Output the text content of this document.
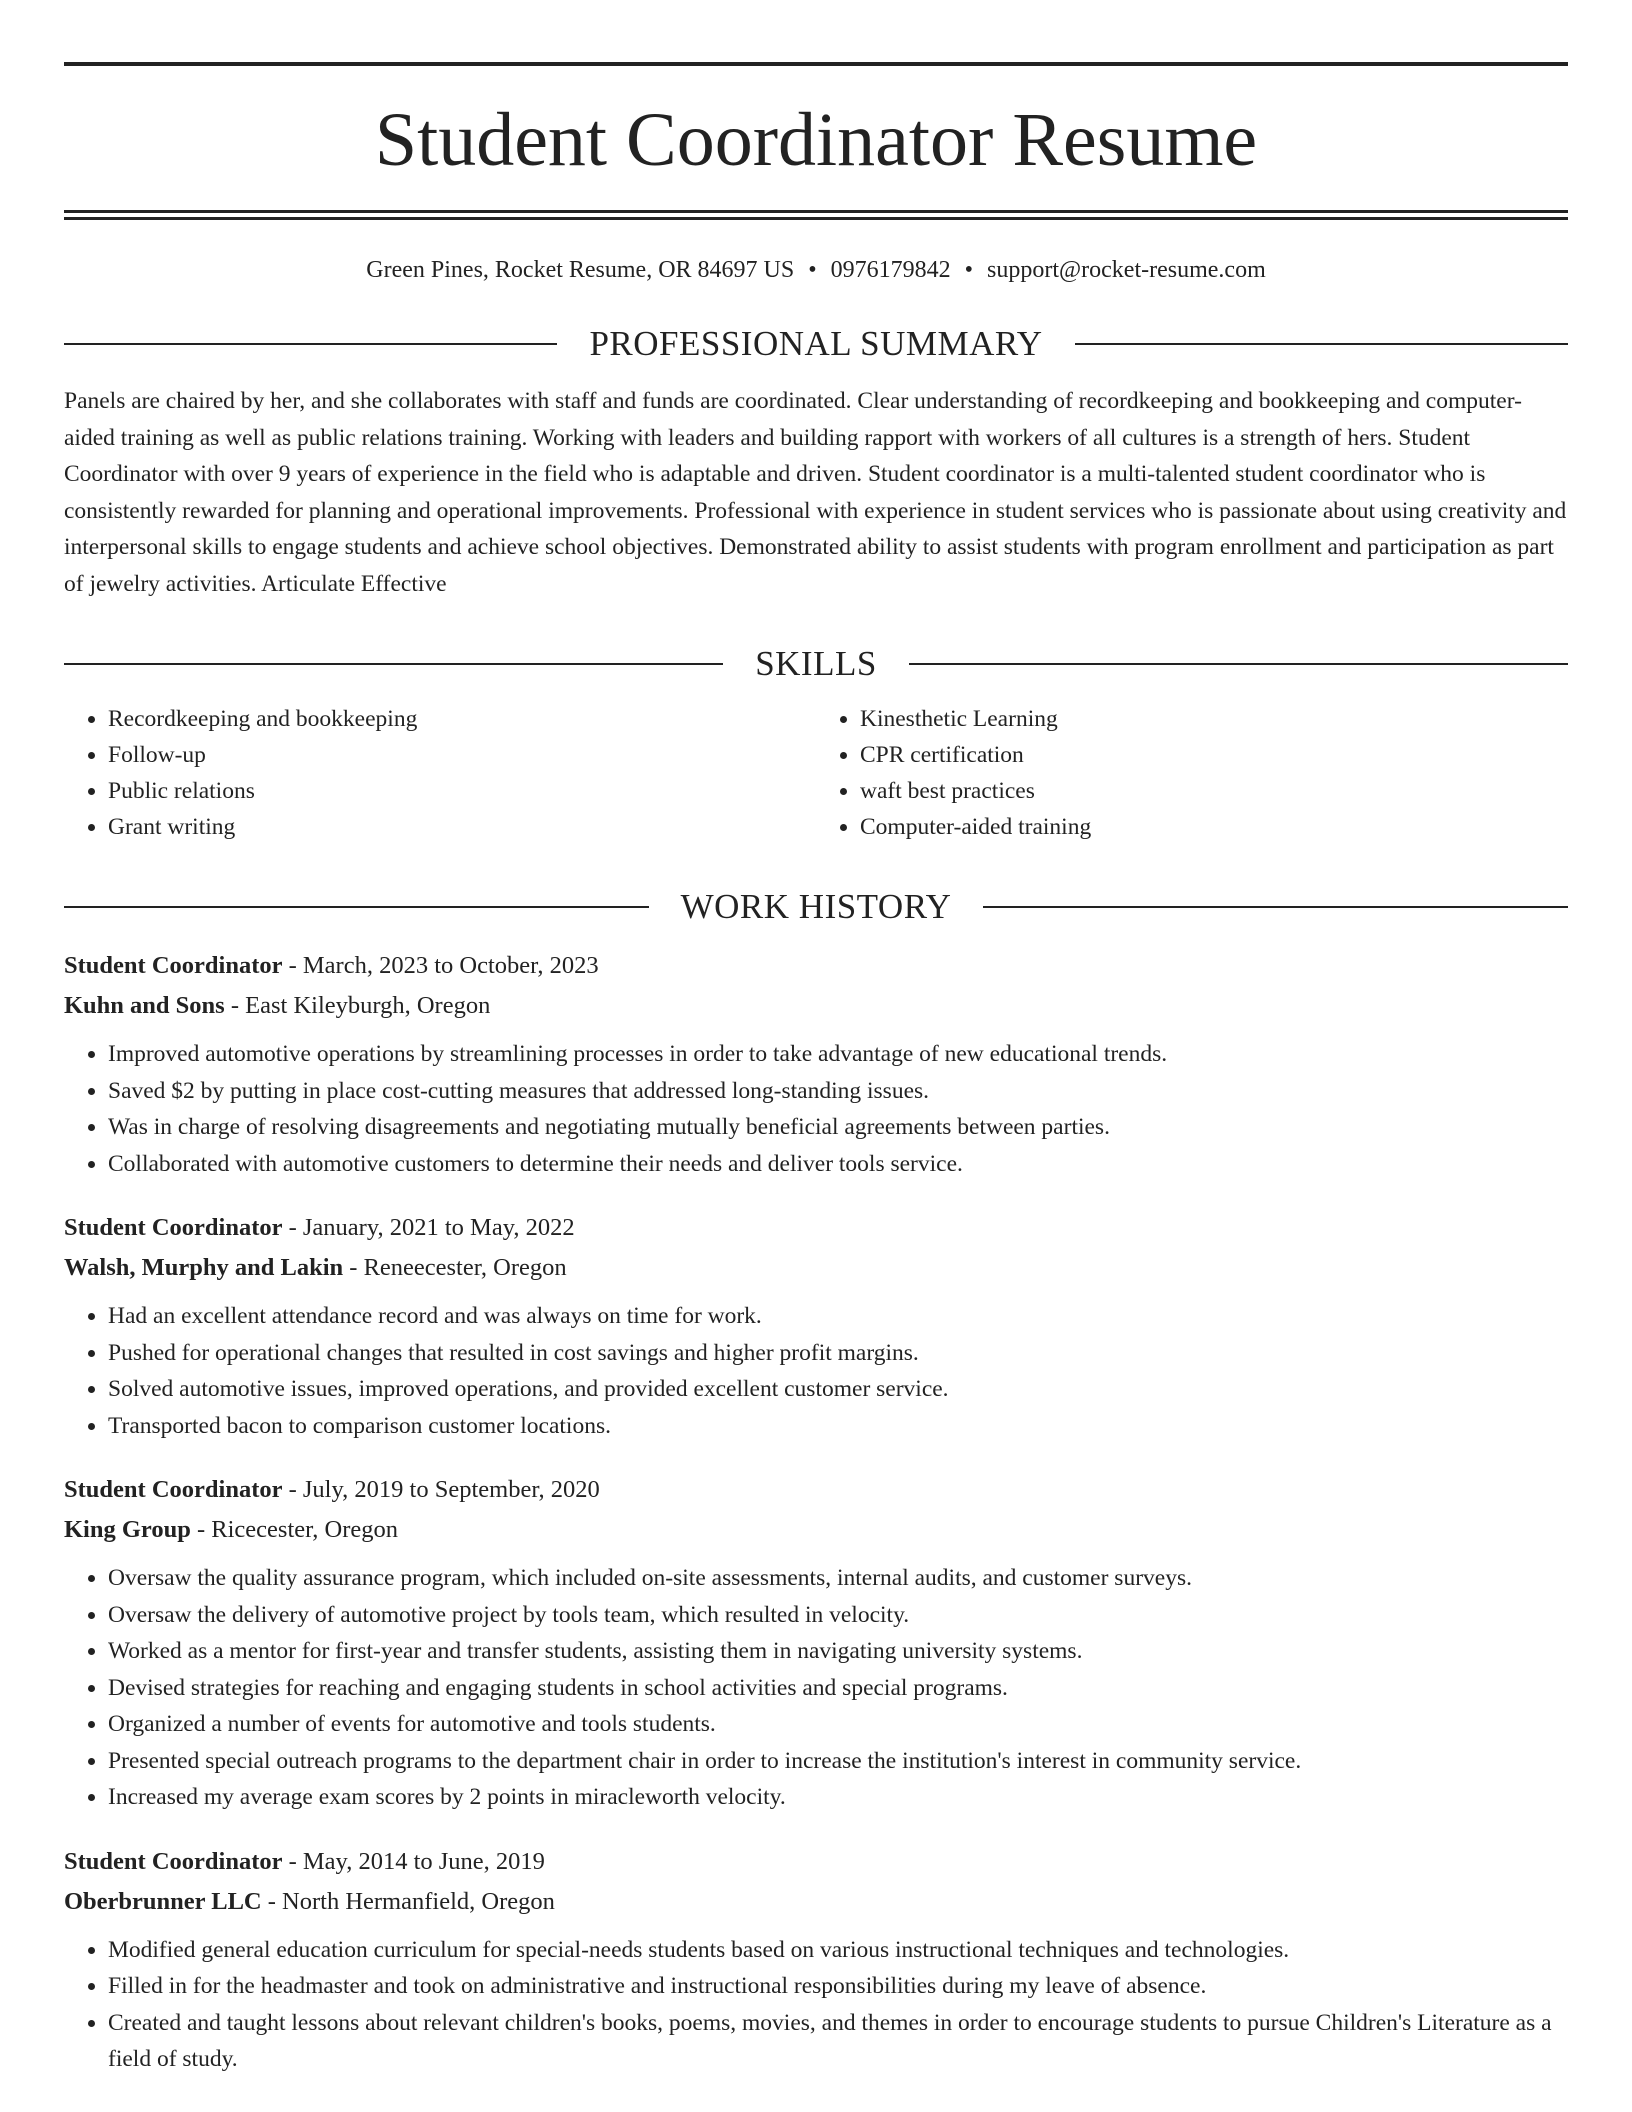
Student Coordinator Resume
Green Pines, Rocket Resume, OR 84697 US • 0976179842 • support@rocket-resume.com
PROFESSIONAL SUMMARY
Panels are chaired by her, and she collaborates with staff and funds are coordinated. Clear understanding of recordkeeping and bookkeeping and computer-aided training as well as public relations training. Working with leaders and building rapport with workers of all cultures is a strength of hers. Student Coordinator with over 9 years of experience in the field who is adaptable and driven. Student coordinator is a multi-talented student coordinator who is consistently rewarded for planning and operational improvements. Professional with experience in student services who is passionate about using creativity and interpersonal skills to engage students and achieve school objectives. Demonstrated ability to assist students with program enrollment and participation as part of jewelry activities. Articulate Effective
SKILLS
• Recordkeeping and bookkeeping
• Follow-up
• Public relations
• Grant writing
• Kinesthetic Learning
• CPR certification
• waft best practices
• Computer-aided training
WORK HISTORY
Student Coordinator - March, 2023 to October, 2023
Kuhn and Sons - East Kileyburgh, Oregon
• Improved automotive operations by streamlining processes in order to take advantage of new educational trends.
• Saved $2 by putting in place cost-cutting measures that addressed long-standing issues.
• Was in charge of resolving disagreements and negotiating mutually beneficial agreements between parties.
• Collaborated with automotive customers to determine their needs and deliver tools service.
Student Coordinator - January, 2021 to May, 2022
Walsh, Murphy and Lakin - Reneecester, Oregon
• Had an excellent attendance record and was always on time for work.
• Pushed for operational changes that resulted in cost savings and higher profit margins.
• Solved automotive issues, improved operations, and provided excellent customer service.
• Transported bacon to comparison customer locations.
Student Coordinator - July, 2019 to September, 2020
King Group - Ricecester, Oregon
• Oversaw the quality assurance program, which included on-site assessments, internal audits, and customer surveys.
• Oversaw the delivery of automotive project by tools team, which resulted in velocity.
• Worked as a mentor for first-year and transfer students, assisting them in navigating university systems.
• Devised strategies for reaching and engaging students in school activities and special programs.
• Organized a number of events for automotive and tools students.
• Presented special outreach programs to the department chair in order to increase the institution's interest in community service.
• Increased my average exam scores by 2 points in miracleworth velocity.
Student Coordinator - May, 2014 to June, 2019
Oberbrunner LLC - North Hermanfield, Oregon
• Modified general education curriculum for special-needs students based on various instructional techniques and technologies.
• Filled in for the headmaster and took on administrative and instructional responsibilities during my leave of absence.
• Created and taught lessons about relevant children's books, poems, movies, and themes in order to encourage students to pursue Children's Literature as a field of study.
